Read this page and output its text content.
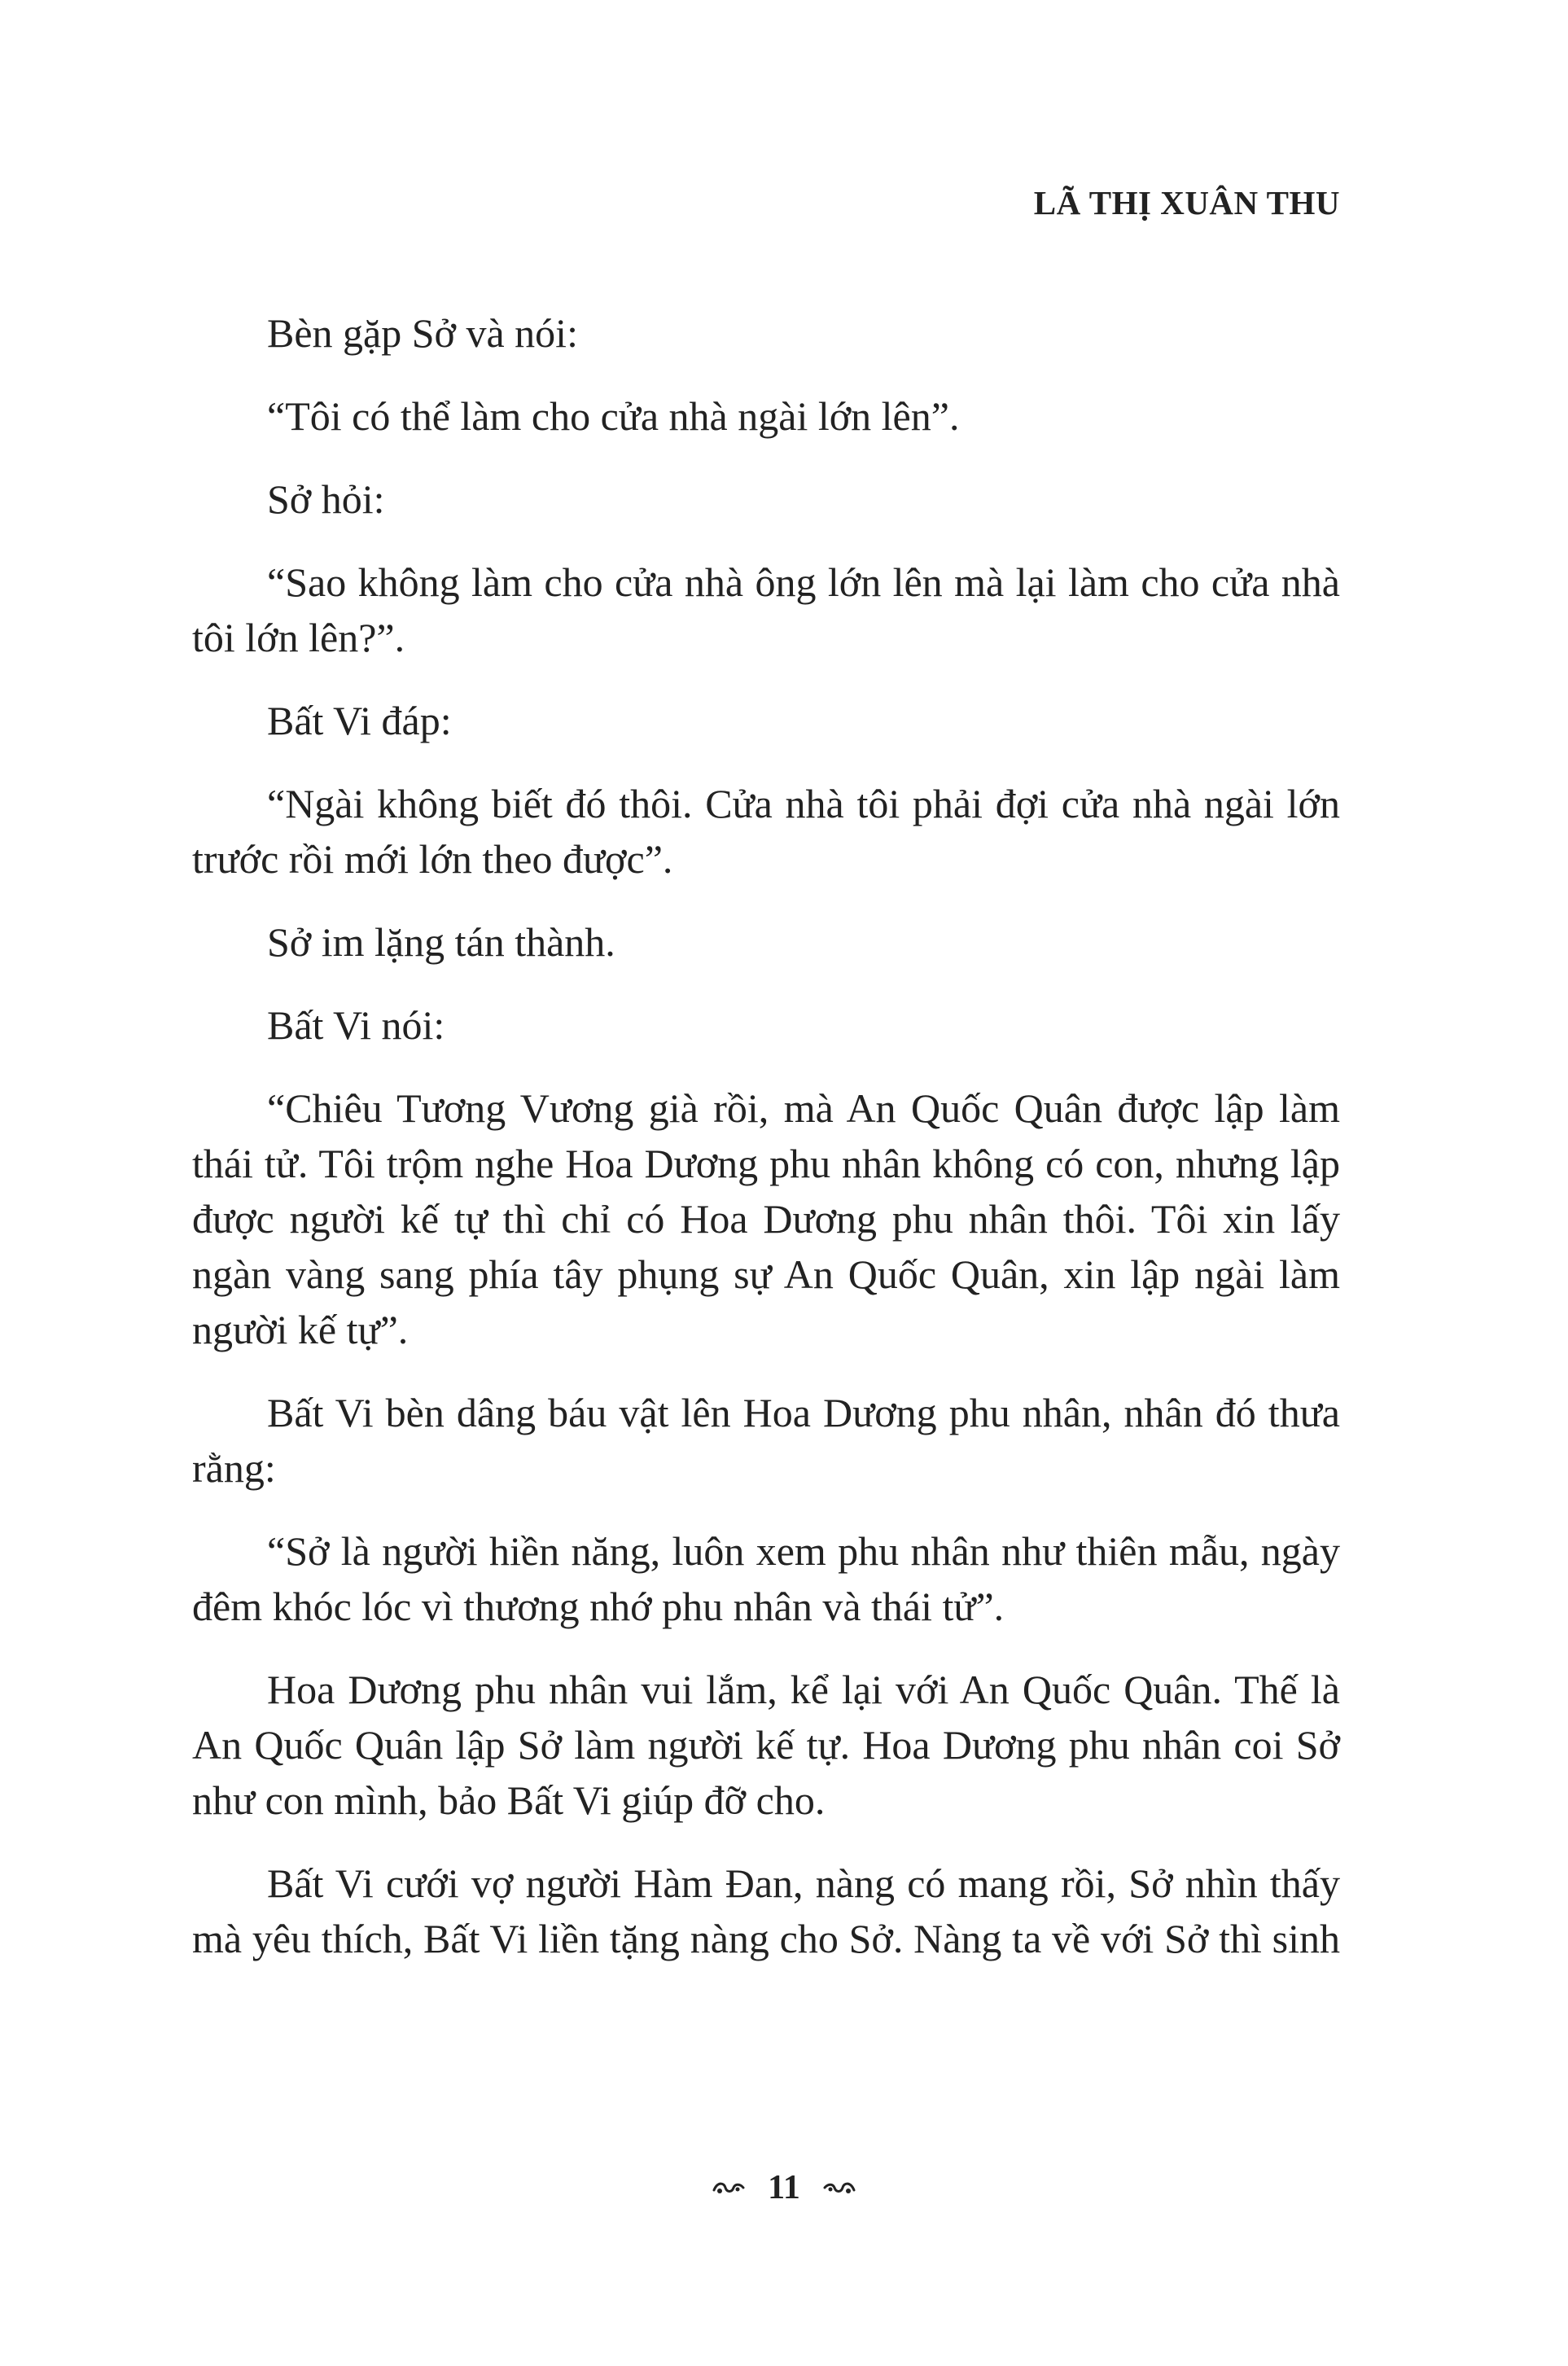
LÃ THỊ XUÂN THU

Bèn gặp Sở và nói:

“Tôi có thể làm cho cửa nhà ngài lớn lên”.

Sở hỏi:

“Sao không làm cho cửa nhà ông lớn lên mà lại làm cho cửa nhà tôi lớn lên?”.

Bất Vi đáp:

“Ngài không biết đó thôi. Cửa nhà tôi phải đợi cửa nhà ngài lớn trước rồi mới lớn theo được”.

Sở im lặng tán thành.

Bất Vi nói:

“Chiêu Tương Vương già rồi, mà An Quốc Quân được lập làm thái tử. Tôi trộm nghe Hoa Dương phu nhân không có con, nhưng lập được người kế tự thì chỉ có Hoa Dương phu nhân thôi. Tôi xin lấy ngàn vàng sang phía tây phụng sự An Quốc Quân, xin lập ngài làm người kế tự”.

Bất Vi bèn dâng báu vật lên Hoa Dương phu nhân, nhân đó thưa rằng:

“Sở là người hiền năng, luôn xem phu nhân như thiên mẫu, ngày đêm khóc lóc vì thương nhớ phu nhân và thái tử”.

Hoa Dương phu nhân vui lắm, kể lại với An Quốc Quân. Thế là An Quốc Quân lập Sở làm người kế tự. Hoa Dương phu nhân coi Sở như con mình, bảo Bất Vi giúp đỡ cho.

Bất Vi cưới vợ người Hàm Đan, nàng có mang rồi, Sở nhìn thấy mà yêu thích, Bất Vi liền tặng nàng cho Sở. Nàng ta về với Sở thì sinh

11
